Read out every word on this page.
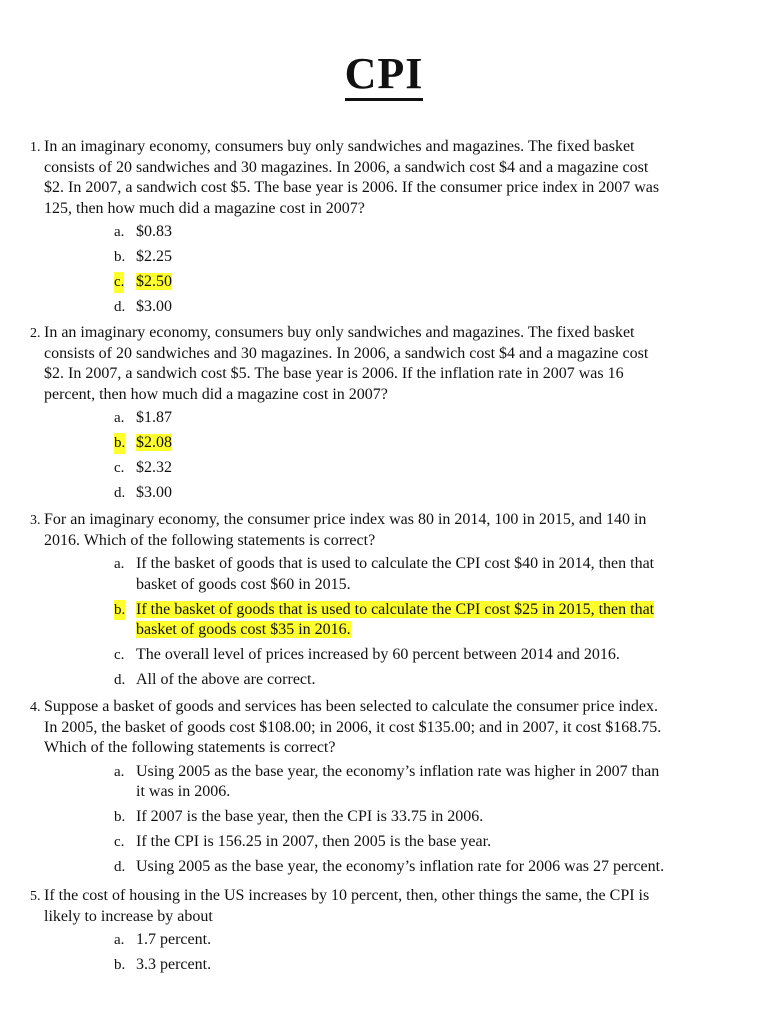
CPI
1. In an imaginary economy, consumers buy only sandwiches and magazines. The fixed basket
consists of 20 sandwiches and 30 magazines. In 2006, a sandwich cost $4 and a magazine cost
$2. In 2007, a sandwich cost $5. The base year is 2006. If the consumer price index in 2007 was
125, then how much did a magazine cost in 2007?
a. $0.83
b. $2.25
c. $2.50
d. $3.00
2. In an imaginary economy, consumers buy only sandwiches and magazines. The fixed basket
consists of 20 sandwiches and 30 magazines. In 2006, a sandwich cost $4 and a magazine cost
$2. In 2007, a sandwich cost $5. The base year is 2006. If the inflation rate in 2007 was 16
percent, then how much did a magazine cost in 2007?
a. $1.87
b. $2.08
c. $2.32
d. $3.00
3. For an imaginary economy, the consumer price index was 80 in 2014, 100 in 2015, and 140 in
2016. Which of the following statements is correct?
a. If the basket of goods that is used to calculate the CPI cost $40 in 2014, then that
basket of goods cost $60 in 2015.
b. If the basket of goods that is used to calculate the CPI cost $25 in 2015, then that
basket of goods cost $35 in 2016.
c. The overall level of prices increased by 60 percent between 2014 and 2016.
d. All of the above are correct.
4. Suppose a basket of goods and services has been selected to calculate the consumer price index.
In 2005, the basket of goods cost $108.00; in 2006, it cost $135.00; and in 2007, it cost $168.75.
Which of the following statements is correct?
a. Using 2005 as the base year, the economy’s inflation rate was higher in 2007 than
it was in 2006.
b. If 2007 is the base year, then the CPI is 33.75 in 2006.
c. If the CPI is 156.25 in 2007, then 2005 is the base year.
d. Using 2005 as the base year, the economy’s inflation rate for 2006 was 27 percent.
5. If the cost of housing in the US increases by 10 percent, then, other things the same, the CPI is
likely to increase by about
a. 1.7 percent.
b. 3.3 percent.
